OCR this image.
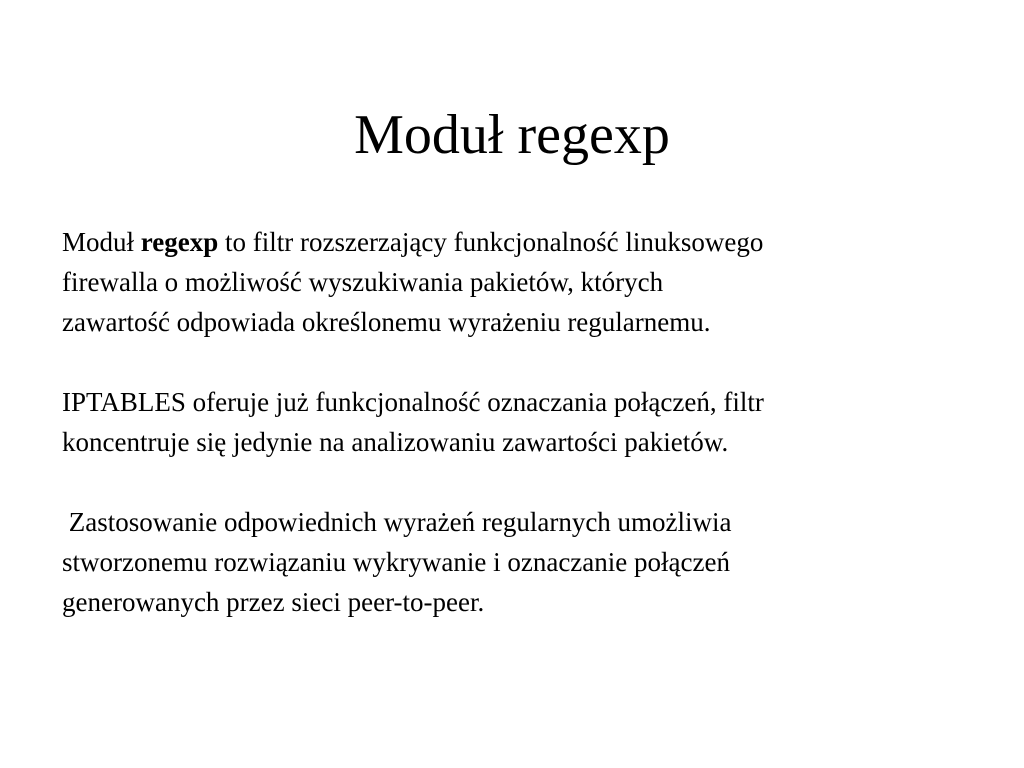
Moduł regexp

Moduł regexp to filtr rozszerzający funkcjonalność linuksowego
firewalla o możliwość wyszukiwania pakietów, których
zawartość odpowiada określonemu wyrażeniu regularnemu.

IPTABLES oferuje już funkcjonalność oznaczania połączeń, filtr
koncentruje się jedynie na analizowaniu zawartości pakietów.

Zastosowanie odpowiednich wyrażeń regularnych umożliwia
stworzonemu rozwiązaniu wykrywanie i oznaczanie połączeń
generowanych przez sieci peer-to-peer.
